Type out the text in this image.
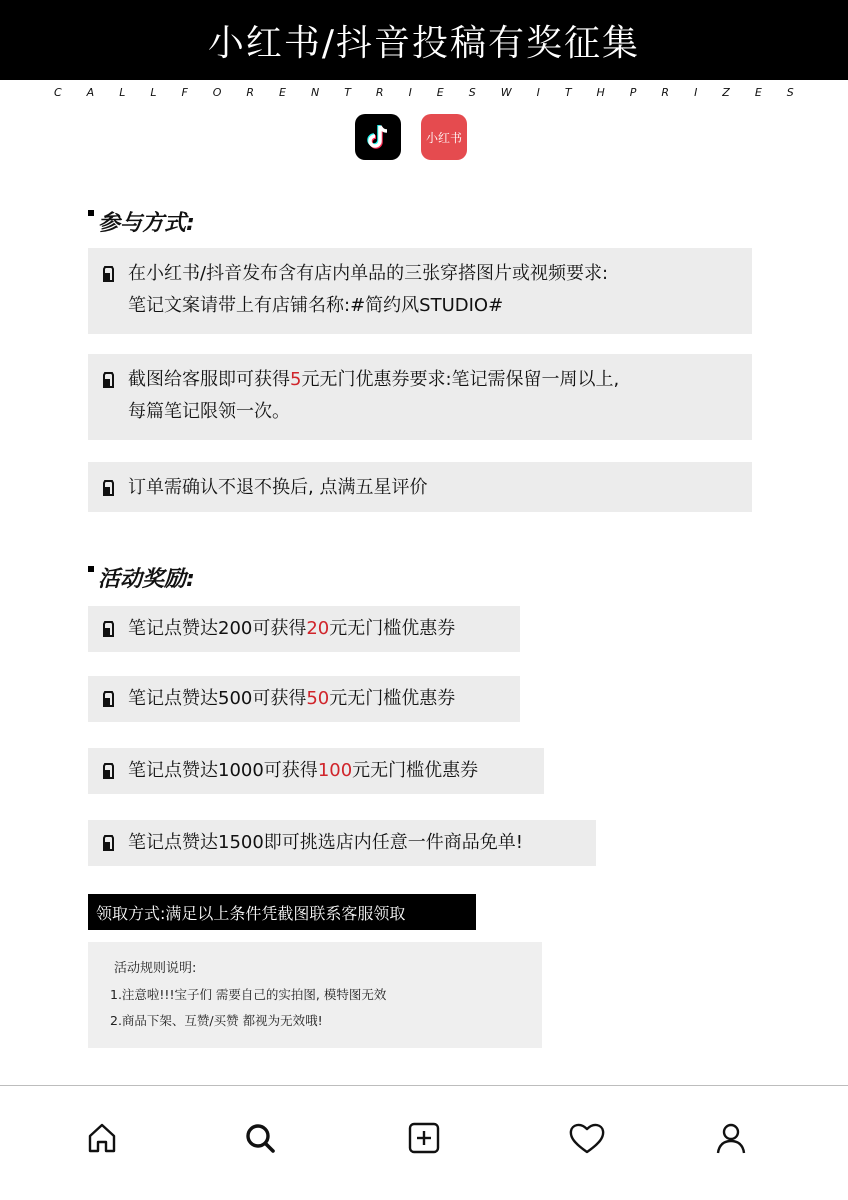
小红书/抖音投稿有奖征集
C A L L F O R E N T R I E S W I T H P R I Z E S
小红书
参与方式:
在小红书/抖音发布含有店内单品的三张穿搭图片或视频要求:
笔记文案请带上有店铺名称:#简约风STUDIO#
截图给客服即可获得5元无门优惠券要求:笔记需保留一周以上,
每篇笔记限领一次。
订单需确认不退不换后, 点满五星评价
活动奖励:
笔记点赞达200可获得20元无门槛优惠券
笔记点赞达500可获得50元无门槛优惠券
笔记点赞达1000可获得100元无门槛优惠券
笔记点赞达1500即可挑选店内任意一件商品免单!
领取方式:满足以上条件凭截图联系客服领取
活动规则说明:
1.注意啦!!!宝子们 需要自己的实拍图, 模特图无效
2.商品下架、互赞/买赞 都视为无效哦!
